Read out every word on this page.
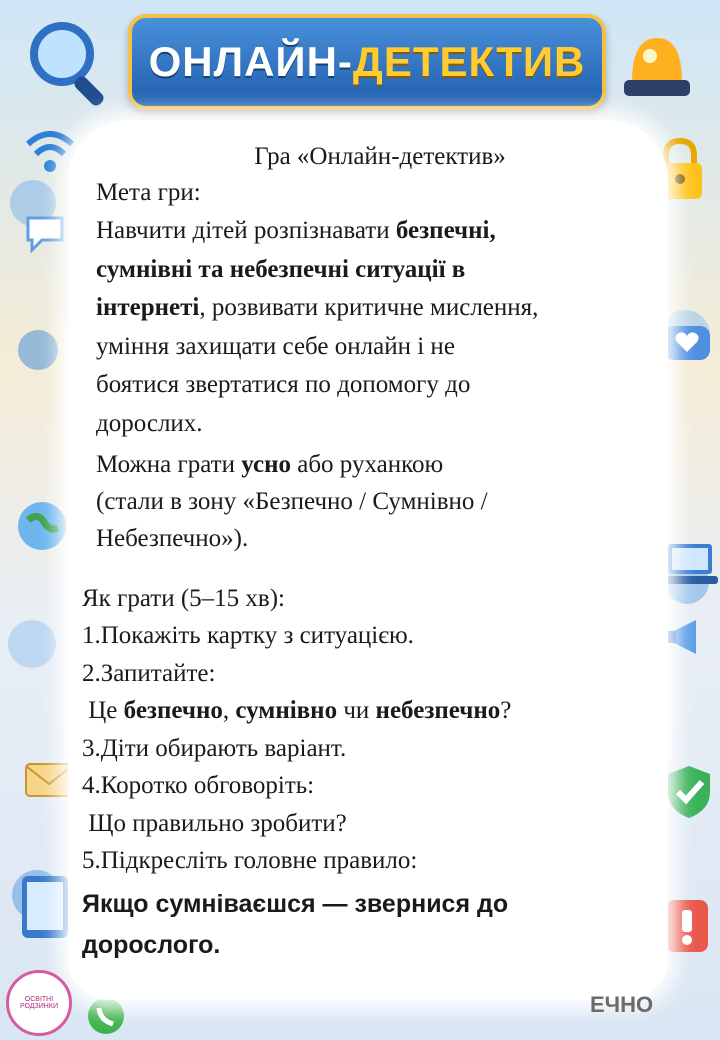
ОНЛАЙН-ДЕТЕКТИВ
Гра «Онлайн-детектив»
Мета гри:
Навчити дітей розпізнавати безпечні,
сумнівні та небезпечні ситуації в
інтернеті, розвивати критичне мислення,
уміння захищати себе онлайн і не
боятися звертатися по допомогу до
дорослих.
Можна грати усно або руханкою
(стали в зону «Безпечно / Сумнівно /
Небезпечно»).
Як грати (5–15 хв):
1.Покажіть картку з ситуацією.
2.Запитайте:
Це безпечно, сумнівно чи небезпечно?
3.Діти обирають варіант.
4.Коротко обговоріть:
Що правильно зробити?
5.Підкресліть головне правило:
Якщо сумніваєшся — звернися до
дорослого.
ОСВІТНІ РОДЗИНКИ	ЕЧНО
